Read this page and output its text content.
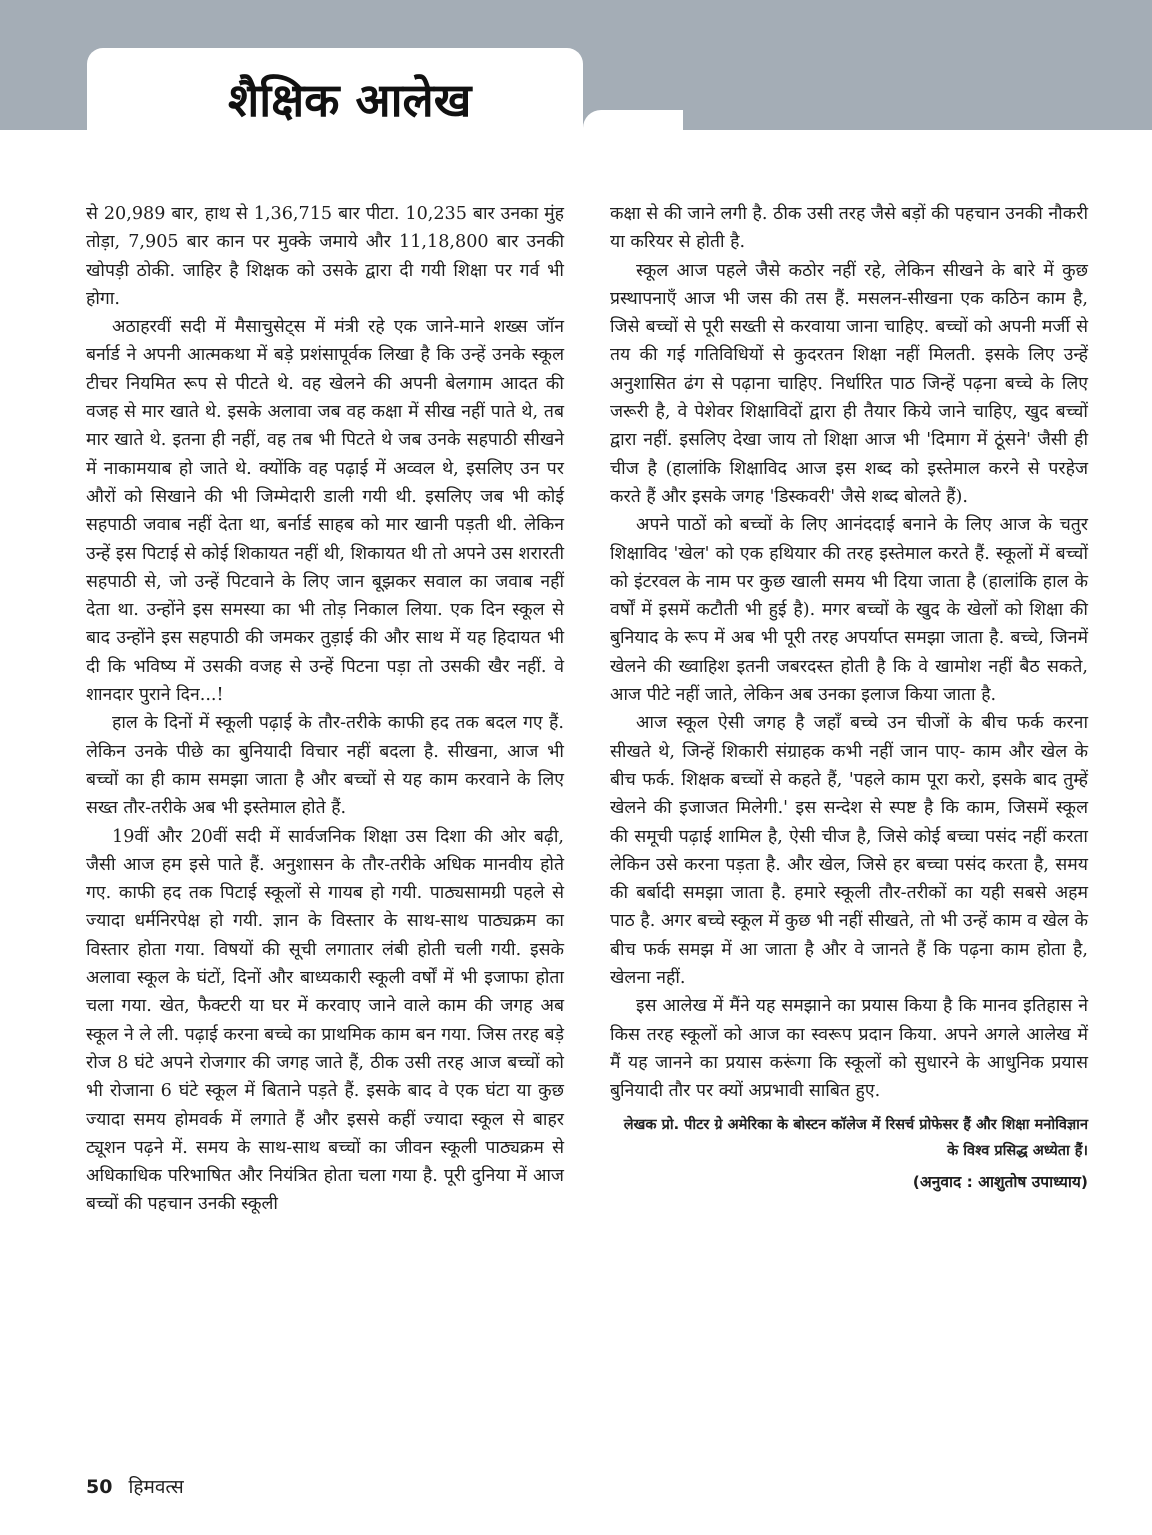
शैक्षिक आलेख

से 20,989 बार, हाथ से 1,36,715 बार पीटा. 10,235 बार उनका मुंह तोड़ा, 7,905 बार कान पर मुक्के जमाये और 11,18,800 बार उनकी खोपड़ी ठोकी. जाहिर है शिक्षक को उसके द्वारा दी गयी शिक्षा पर गर्व भी होगा.

अठाहरवीं सदी में मैसाचुसेट्स में मंत्री रहे एक जाने-माने शख्स जॉन बर्नार्ड ने अपनी आत्मकथा में बड़े प्रशंसापूर्वक लिखा है कि उन्हें उनके स्कूल टीचर नियमित रूप से पीटते थे. वह खेलने की अपनी बेलगाम आदत की वजह से मार खाते थे. इसके अलावा जब वह कक्षा में सीख नहीं पाते थे, तब मार खाते थे. इतना ही नहीं, वह तब भी पिटते थे जब उनके सहपाठी सीखने में नाकामयाब हो जाते थे. क्योंकि वह पढ़ाई में अव्वल थे, इसलिए उन पर औरों को सिखाने की भी जिम्मेदारी डाली गयी थी. इसलिए जब भी कोई सहपाठी जवाब नहीं देता था, बर्नार्ड साहब को मार खानी पड़ती थी. लेकिन उन्हें इस पिटाई से कोई शिकायत नहीं थी, शिकायत थी तो अपने उस शरारती सहपाठी से, जो उन्हें पिटवाने के लिए जान बूझकर सवाल का जवाब नहीं देता था. उन्होंने इस समस्या का भी तोड़ निकाल लिया. एक दिन स्कूल से बाद उन्होंने इस सहपाठी की जमकर तुड़ाई की और साथ में यह हिदायत भी दी कि भविष्य में उसकी वजह से उन्हें पिटना पड़ा तो उसकी खैर नहीं. वे शानदार पुराने दिन...!

हाल के दिनों में स्कूली पढ़ाई के तौर-तरीके काफी हद तक बदल गए हैं. लेकिन उनके पीछे का बुनियादी विचार नहीं बदला है. सीखना, आज भी बच्चों का ही काम समझा जाता है और बच्चों से यह काम करवाने के लिए सख्त तौर-तरीके अब भी इस्तेमाल होते हैं.

19वीं और 20वीं सदी में सार्वजनिक शिक्षा उस दिशा की ओर बढ़ी, जैसी आज हम इसे पाते हैं. अनुशासन के तौर-तरीके अधिक मानवीय होते गए. काफी हद तक पिटाई स्कूलों से गायब हो गयी. पाठ्यसामग्री पहले से ज्यादा धर्मनिरपेक्ष हो गयी. ज्ञान के विस्तार के साथ-साथ पाठ्यक्रम का विस्तार होता गया. विषयों की सूची लगातार लंबी होती चली गयी. इसके अलावा स्कूल के घंटों, दिनों और बाध्यकारी स्कूली वर्षों में भी इजाफा होता चला गया. खेत, फैक्टरी या घर में करवाए जाने वाले काम की जगह अब स्कूल ने ले ली. पढ़ाई करना बच्चे का प्राथमिक काम बन गया. जिस तरह बड़े रोज 8 घंटे अपने रोजगार की जगह जाते हैं, ठीक उसी तरह आज बच्चों को भी रोजाना 6 घंटे स्कूल में बिताने पड़ते हैं. इसके बाद वे एक घंटा या कुछ ज्यादा समय होमवर्क में लगाते हैं और इससे कहीं ज्यादा स्कूल से बाहर ट्यूशन पढ़ने में. समय के साथ-साथ बच्चों का जीवन स्कूली पाठ्यक्रम से अधिकाधिक परिभाषित और नियंत्रित होता चला गया है. पूरी दुनिया में आज बच्चों की पहचान उनकी स्कूली

कक्षा से की जाने लगी है. ठीक उसी तरह जैसे बड़ों की पहचान उनकी नौकरी या करियर से होती है.

स्कूल आज पहले जैसे कठोर नहीं रहे, लेकिन सीखने के बारे में कुछ प्रस्थापनाएँ आज भी जस की तस हैं. मसलन-सीखना एक कठिन काम है, जिसे बच्चों से पूरी सख्ती से करवाया जाना चाहिए. बच्चों को अपनी मर्जी से तय की गई गतिविधियों से कुदरतन शिक्षा नहीं मिलती. इसके लिए उन्हें अनुशासित ढंग से पढ़ाना चाहिए. निर्धारित पाठ जिन्हें पढ़ना बच्चे के लिए जरूरी है, वे पेशेवर शिक्षाविदों द्वारा ही तैयार किये जाने चाहिए, खुद बच्चों द्वारा नहीं. इसलिए देखा जाय तो शिक्षा आज भी 'दिमाग में ठूंसने' जैसी ही चीज है (हालांकि शिक्षाविद आज इस शब्द को इस्तेमाल करने से परहेज करते हैं और इसके जगह 'डिस्कवरी' जैसे शब्द बोलते हैं).

अपने पाठों को बच्चों के लिए आनंददाई बनाने के लिए आज के चतुर शिक्षाविद 'खेल' को एक हथियार की तरह इस्तेमाल करते हैं. स्कूलों में बच्चों को इंटरवल के नाम पर कुछ खाली समय भी दिया जाता है (हालांकि हाल के वर्षों में इसमें कटौती भी हुई है). मगर बच्चों के खुद के खेलों को शिक्षा की बुनियाद के रूप में अब भी पूरी तरह अपर्याप्त समझा जाता है. बच्चे, जिनमें खेलने की ख्वाहिश इतनी जबरदस्त होती है कि वे खामोश नहीं बैठ सकते, आज पीटे नहीं जाते, लेकिन अब उनका इलाज किया जाता है.

आज स्कूल ऐसी जगह है जहाँ बच्चे उन चीजों के बीच फर्क करना सीखते थे, जिन्हें शिकारी संग्राहक कभी नहीं जान पाए- काम और खेल के बीच फर्क. शिक्षक बच्चों से कहते हैं, 'पहले काम पूरा करो, इसके बाद तुम्हें खेलने की इजाजत मिलेगी.' इस सन्देश से स्पष्ट है कि काम, जिसमें स्कूल की समूची पढ़ाई शामिल है, ऐसी चीज है, जिसे कोई बच्चा पसंद नहीं करता लेकिन उसे करना पड़ता है. और खेल, जिसे हर बच्चा पसंद करता है, समय की बर्बादी समझा जाता है. हमारे स्कूली तौर-तरीकों का यही सबसे अहम पाठ है. अगर बच्चे स्कूल में कुछ भी नहीं सीखते, तो भी उन्हें काम व खेल के बीच फर्क समझ में आ जाता है और वे जानते हैं कि पढ़ना काम होता है, खेलना नहीं.

इस आलेख में मैंने यह समझाने का प्रयास किया है कि मानव इतिहास ने किस तरह स्कूलों को आज का स्वरूप प्रदान किया. अपने अगले आलेख में मैं यह जानने का प्रयास करूंगा कि स्कूलों को सुधारने के आधुनिक प्रयास बुनियादी तौर पर क्यों अप्रभावी साबित हुए.

लेखक प्रो. पीटर ग्रे अमेरिका के बोस्टन कॉलेज में रिसर्च प्रोफेसर हैं और शिक्षा मनोविज्ञान के विश्व प्रसिद्ध अध्येता हैं।
(अनुवाद : आशुतोष उपाध्याय)
50 हिमवत्स
